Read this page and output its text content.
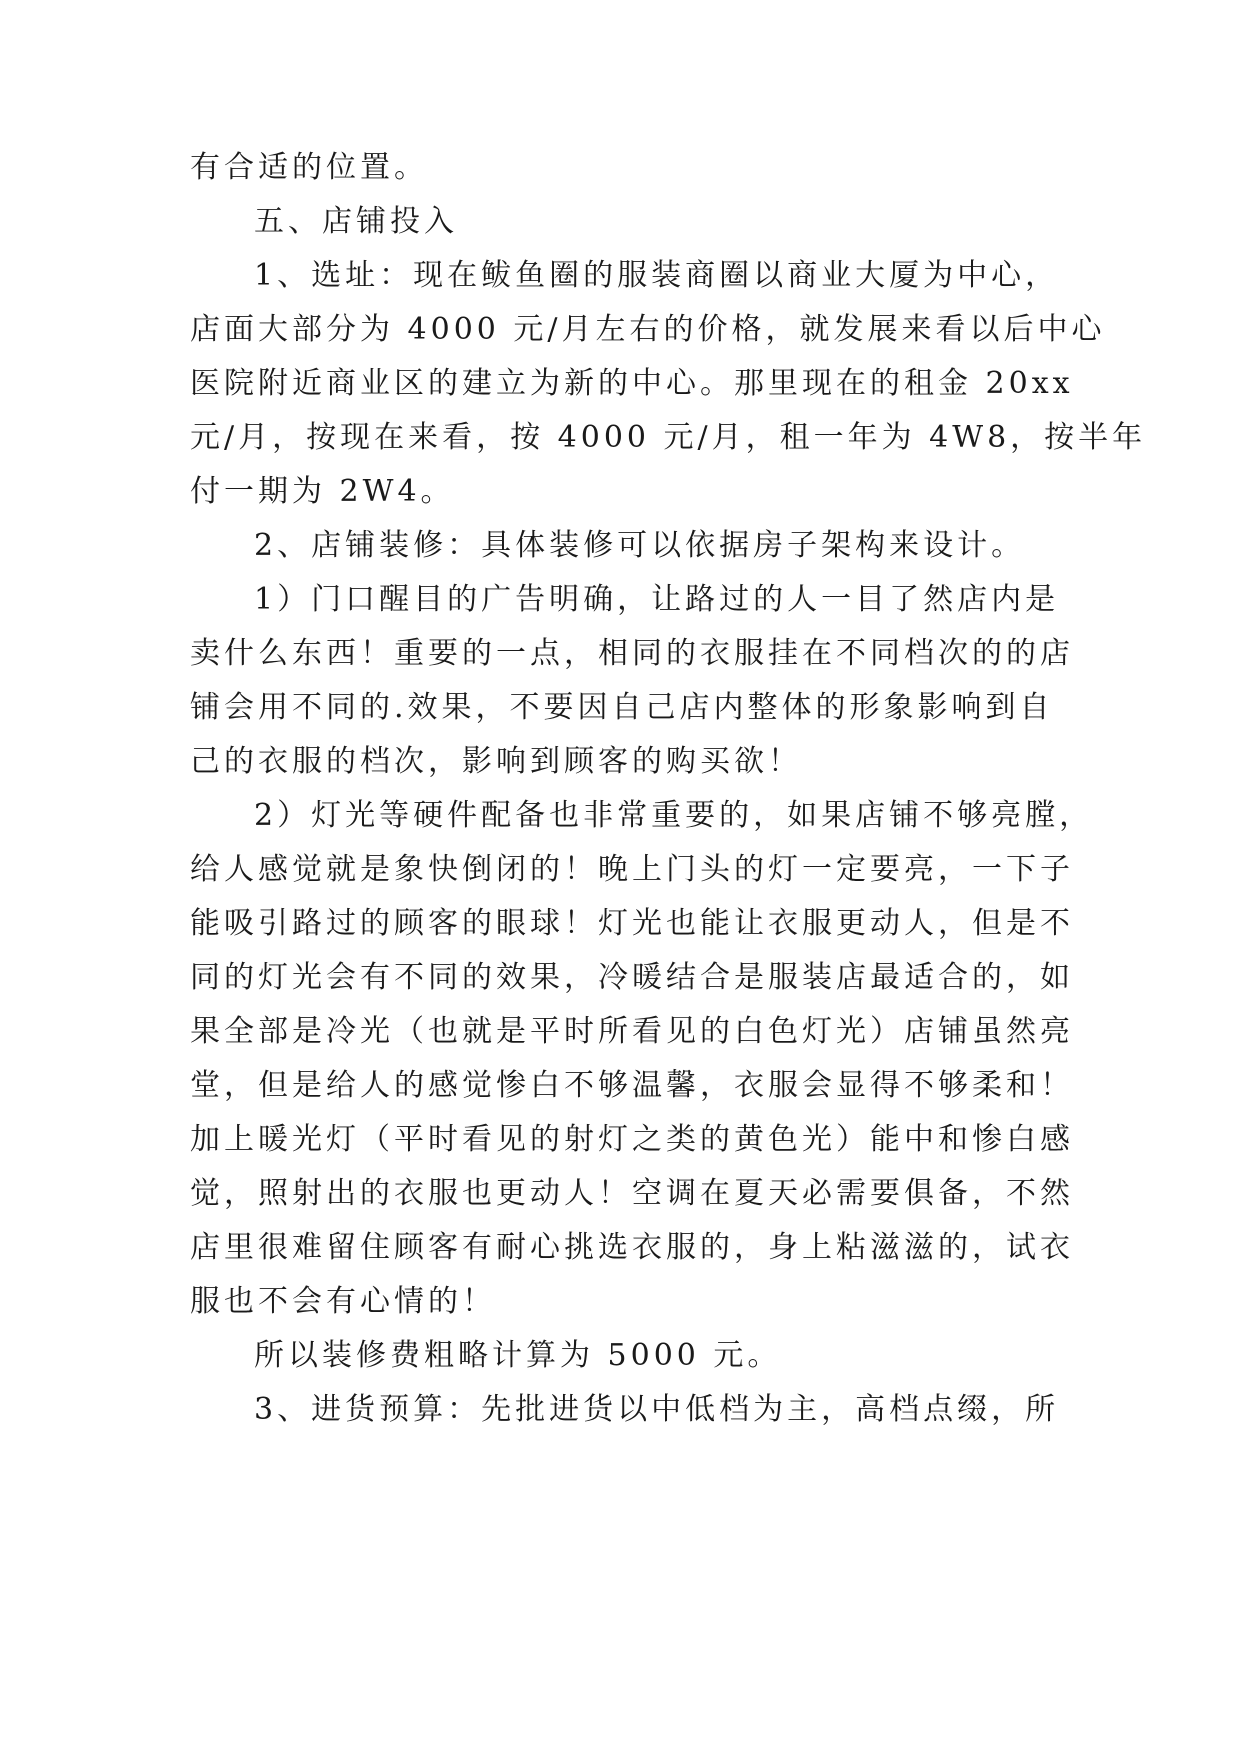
有合适的位置。
五、店铺投入
1、选址：现在鲅鱼圈的服装商圈以商业大厦为中心，
店面大部分为 4000 元/月左右的价格，就发展来看以后中心
医院附近商业区的建立为新的中心。那里现在的租金 20xx
元/月，按现在来看，按 4000 元/月，租一年为 4W8，按半年
付一期为 2W4。
2、店铺装修：具体装修可以依据房子架构来设计。
1）门口醒目的广告明确，让路过的人一目了然店内是
卖什么东西！重要的一点，相同的衣服挂在不同档次的的店
铺会用不同的.效果，不要因自己店内整体的形象影响到自
己的衣服的档次，影响到顾客的购买欲！
2）灯光等硬件配备也非常重要的，如果店铺不够亮膛，
给人感觉就是象快倒闭的！晚上门头的灯一定要亮，一下子
能吸引路过的顾客的眼球！灯光也能让衣服更动人，但是不
同的灯光会有不同的效果，冷暖结合是服装店最适合的，如
果全部是冷光（也就是平时所看见的白色灯光）店铺虽然亮
堂，但是给人的感觉惨白不够温馨，衣服会显得不够柔和！
加上暖光灯（平时看见的射灯之类的黄色光）能中和惨白感
觉，照射出的衣服也更动人！空调在夏天必需要俱备，不然
店里很难留住顾客有耐心挑选衣服的，身上粘滋滋的，试衣
服也不会有心情的！
所以装修费粗略计算为 5000 元。
3、进货预算：先批进货以中低档为主，高档点缀，所
